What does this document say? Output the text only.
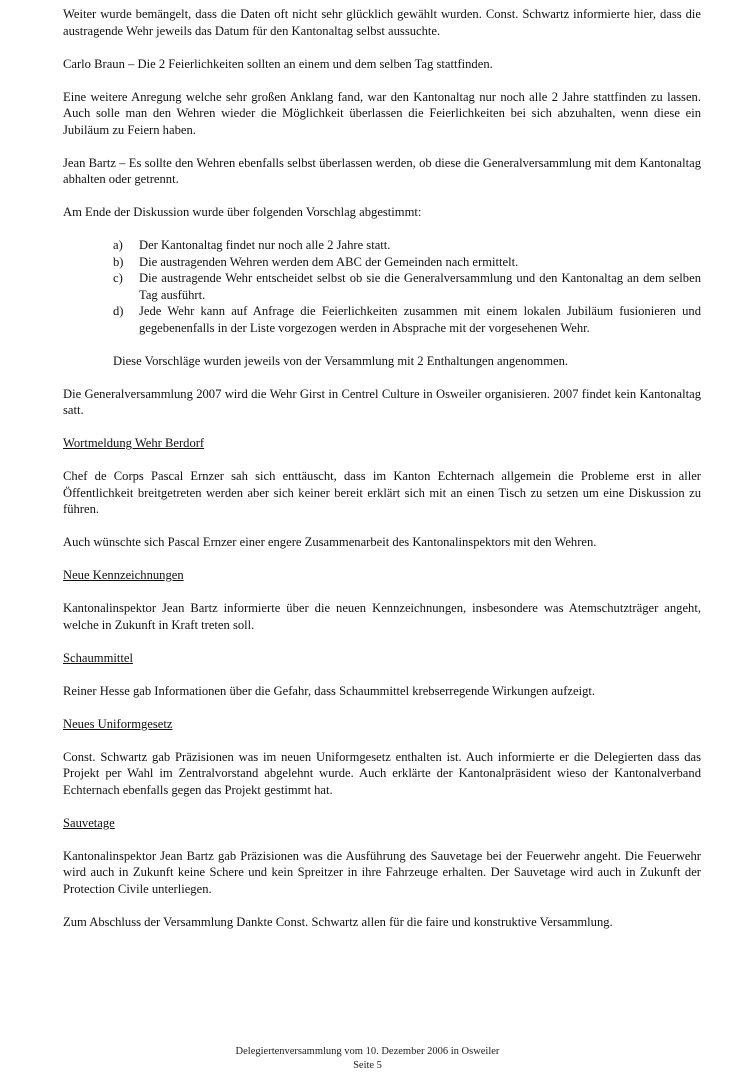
Weiter wurde bemängelt, dass die Daten oft nicht sehr glücklich gewählt wurden. Const. Schwartz informierte hier, dass die austragende Wehr jeweils das Datum für den Kantonaltag selbst aussuchte.

Carlo Braun – Die 2 Feierlichkeiten sollten an einem und dem selben Tag stattfinden.

Eine weitere Anregung welche sehr großen Anklang fand, war den Kantonaltag nur noch alle 2 Jahre stattfinden zu lassen. Auch solle man den Wehren wieder die Möglichkeit überlassen die Feierlichkeiten bei sich abzuhalten, wenn diese ein Jubiläum zu Feiern haben.

Jean Bartz – Es sollte den Wehren ebenfalls selbst überlassen werden, ob diese die Generalversammlung mit dem Kantonaltag abhalten oder getrennt.

Am Ende der Diskussion wurde über folgenden Vorschlag abgestimmt:

a) Der Kantonaltag findet nur noch alle 2 Jahre statt.
b) Die austragenden Wehren werden dem ABC der Gemeinden nach ermittelt.
c) Die austragende Wehr entscheidet selbst ob sie die Generalversammlung und den Kantonaltag an dem selben Tag ausführt.
d) Jede Wehr kann auf Anfrage die Feierlichkeiten zusammen mit einem lokalen Jubiläum fusionieren und gegebenenfalls in der Liste vorgezogen werden in Absprache mit der vorgesehenen Wehr.

Diese Vorschläge wurden jeweils von der Versammlung mit 2 Enthaltungen angenommen.

Die Generalversammlung 2007 wird die Wehr Girst in Centrel Culture in Osweiler organisieren. 2007 findet kein Kantonaltag satt.

Wortmeldung Wehr Berdorf

Chef de Corps Pascal Ernzer sah sich enttäuscht, dass im Kanton Echternach allgemein die Probleme erst in aller Öffentlichkeit breitgetreten werden aber sich keiner bereit erklärt sich mit an einen Tisch zu setzen um eine Diskussion zu führen.

Auch wünschte sich Pascal Ernzer einer engere Zusammenarbeit des Kantonalinspektors mit den Wehren.

Neue Kennzeichnungen

Kantonalinspektor Jean Bartz informierte über die neuen Kennzeichnungen, insbesondere was Atemschutzträger angeht, welche in Zukunft in Kraft treten soll.

Schaummittel

Reiner Hesse gab Informationen über die Gefahr, dass Schaummittel krebserregende Wirkungen aufzeigt.

Neues Uniformgesetz

Const. Schwartz gab Präzisionen was im neuen Uniformgesetz enthalten ist. Auch informierte er die Delegierten dass das Projekt per Wahl im Zentralvorstand abgelehnt wurde. Auch erklärte der Kantonalpräsident wieso der Kantonalverband Echternach ebenfalls gegen das Projekt gestimmt hat.

Sauvetage

Kantonalinspektor Jean Bartz gab Präzisionen was die Ausführung des Sauvetage bei der Feuerwehr angeht. Die Feuerwehr wird auch in Zukunft keine Schere und kein Spreitzer in ihre Fahrzeuge erhalten. Der Sauvetage wird auch in Zukunft der Protection Civile unterliegen.

Zum Abschluss der Versammlung Dankte Const. Schwartz allen für die faire und konstruktive Versammlung.

Delegiertenversammlung vom 10. Dezember 2006 in Osweiler
Seite 5
